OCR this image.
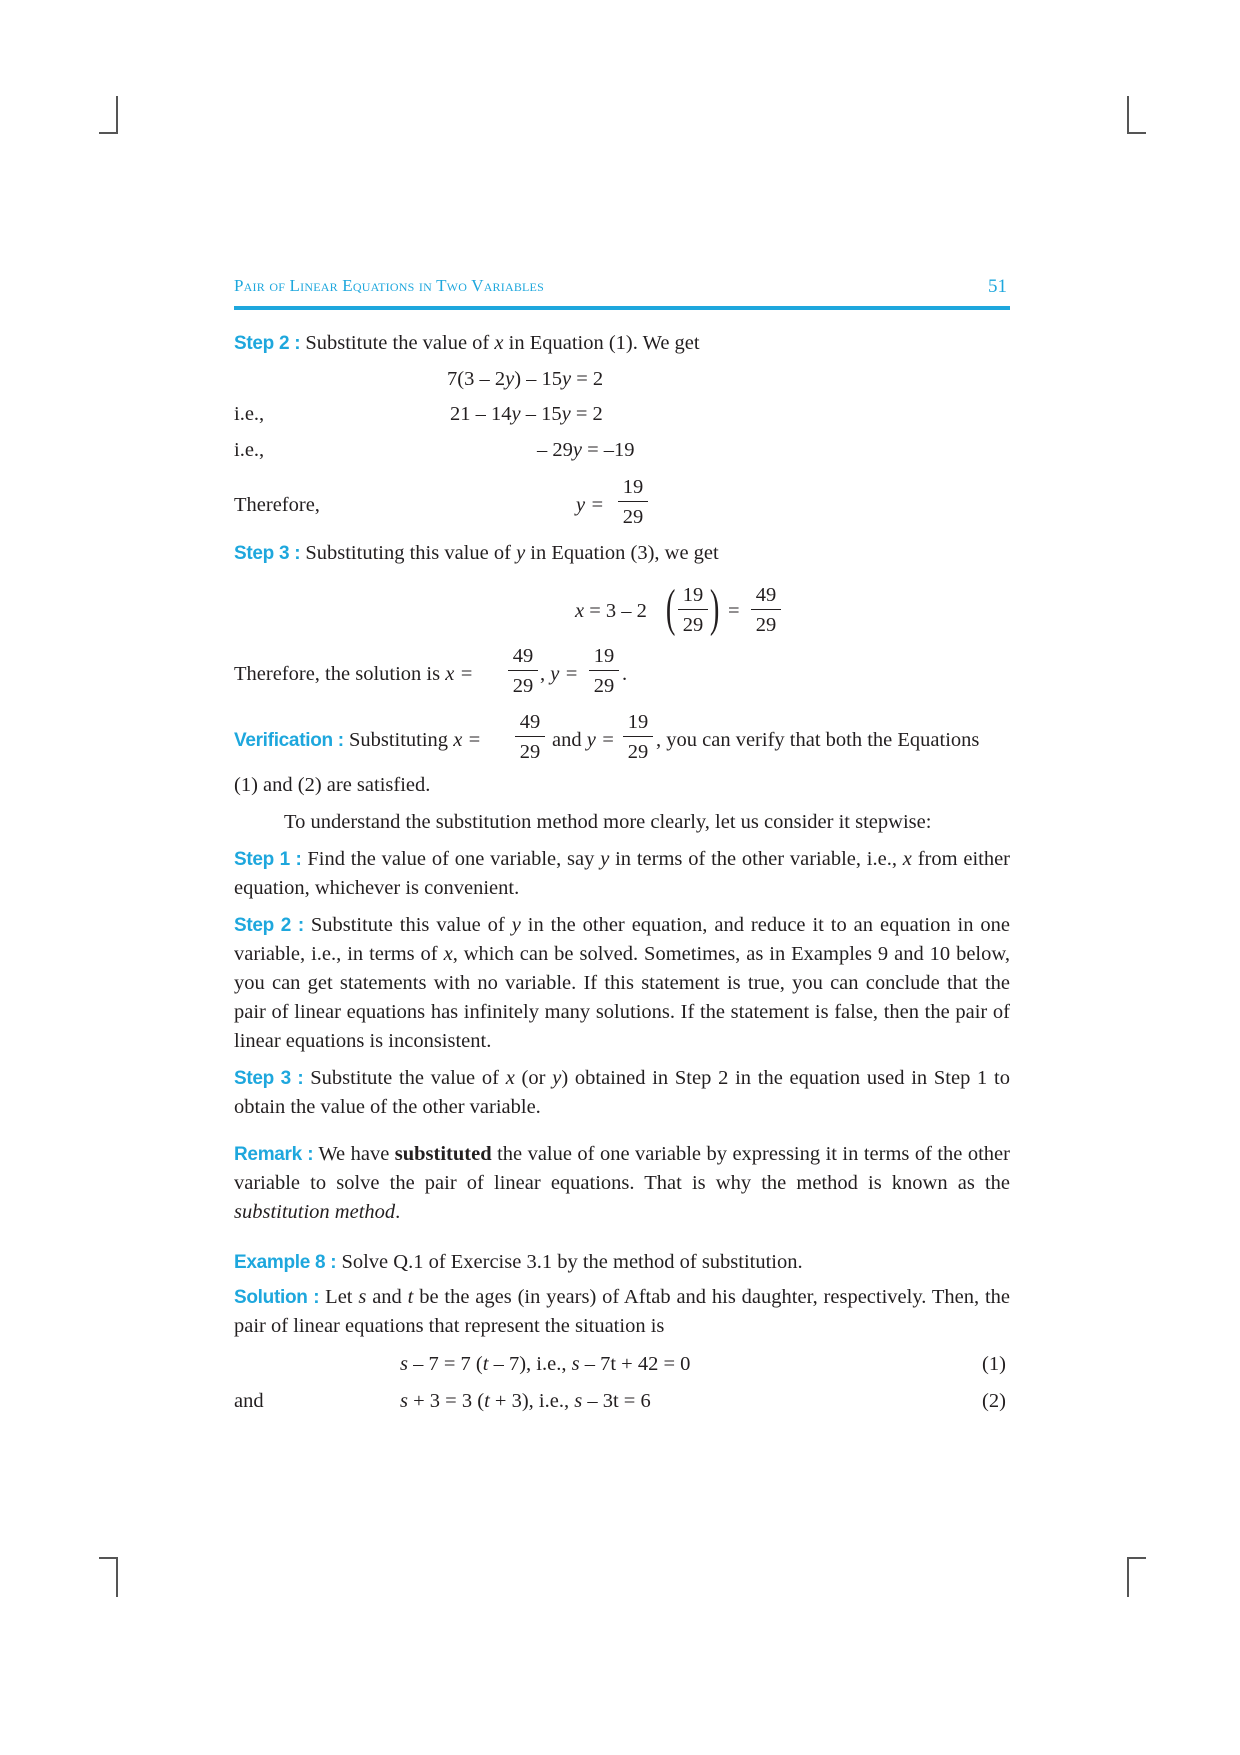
Pair of Linear Equations in Two Variables	51
Step 2 : Substitute the value of x in Equation (1). We get
7(3 – 2y) – 15y = 2
i.e.,	21 – 14y – 15y = 2
i.e.,	– 29y = –19
Therefore,	$y = \frac{19}{29}$
Step 3 : Substituting this value of y in Equation (3), we get
x = 3 – 2 ( $\frac{19}{29}$ ) = $\frac{49}{29}$
Therefore, the solution is $x = \frac{49}{29}$ , $y = \frac{19}{29}$ .
Verification : Substituting $x = \frac{49}{29}$ and $y = \frac{19}{29}$ , you can verify that both the Equations
(1) and (2) are satisfied.
To understand the substitution method more clearly, let us consider it stepwise:
Step 1 : Find the value of one variable, say y in terms of the other variable, i.e., x from either equation, whichever is convenient.
Step 2 : Substitute this value of y in the other equation, and reduce it to an equation in one variable, i.e., in terms of x, which can be solved. Sometimes, as in Examples 9 and 10 below, you can get statements with no variable. If this statement is true, you can conclude that the pair of linear equations has infinitely many solutions. If the statement is false, then the pair of linear equations is inconsistent.
Step 3 : Substitute the value of x (or y) obtained in Step 2 in the equation used in Step 1 to obtain the value of the other variable.
Remark : We have substituted the value of one variable by expressing it in terms of the other variable to solve the pair of linear equations. That is why the method is known as the substitution method.
Example 8 : Solve Q.1 of Exercise 3.1 by the method of substitution.
Solution : Let s and t be the ages (in years) of Aftab and his daughter, respectively. Then, the pair of linear equations that represent the situation is
s – 7 = 7 (t – 7), i.e., s – 7t + 42 = 0	(1)
and	s + 3 = 3 (t + 3), i.e., s – 3t = 6	(2)
